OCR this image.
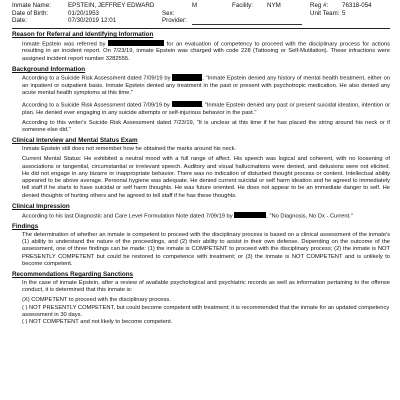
Inmate Name:	EPSTEIN, JEFFREY EDWARD	M	Facility: NYM	Reg #: 76318-054
Date of Birth:	01/20/1953	Sex:	Unit Team: 5
Date:	07/30/2019 12:01	Provider:
Reason for Referral and Identifying Information

Inmate Epstein was referred by	for an evaluation of competency to proceed with the disciplinary process for actions resulting in an incident report. On 7/23/19, inmate Epstein was charged with code 228 (Tattooing or Self-Mutilation). These infractions were assigned incident report number 3282555.

Background Information

According to a Suicide Risk Assessment dated 7/09/19 by	, "Inmate Epstein denied any history of mental health treatment, either on an inpatient or outpatient basis. Inmate Epstein denied any treatment in the past or present with psychotropic medication. He also denied any acute mental health symptoms at this time."

According to a Suicide Risk Assessment dated 7/09/19 by	, "Inmate Epstein denied any past or present suicidal ideation, intention or plan. He denied ever engaging in any suicide attempts or self-injurious behavior in the past."

According to this writer's Suicide Risk Assessment dated 7/23/19, "It is unclear at this time if he has placed the string around his neck or if someone else did."

Clinical Interview and Mental Status Exam

Inmate Epstein still does not remember how he obtained the marks around his neck.

Current Mental Status: He exhibited a neutral mood with a full range of affect. His speech was logical and coherent, with no loosening of associations or tangential, circumstantial or irrelevant speech. Auditory and visual hallucinations were denied, and delusions were not elicited. He did not engage in any bizarre or inappropriate behavior. There was no indication of disturbed thought process or content. Intellectual ability appeared to be above average. Personal hygiene was adequate. He denied current suicidal or self harm ideation and he agreed to immediately tell staff if he starts to have suicidal or self harm thoughts. He was future oriented. He does not appear to be an immediate danger to self. He denied thoughts of hurting others and he agreed to tell staff if he has these thoughts.

Clinical Impression

According to his last Diagnostic and Care Level Formulation Note dated 7/09/19 by	, "No Diagnosis, No Dx - Current."

Findings

The determination of whether an inmate is competent to proceed with the disciplinary process is based on a clinical assessment of the inmate's (1) ability to understand the nature of the proceedings, and (2) their ability to assist in their own defense. Depending on the outcome of the assessment, one of three findings can be made: (1) the inmate is COMPETENT to proceed with the disciplinary process; (2) the inmate is NOT PRESENTLY COMPETENT but could be restored to competence with treatment; or (3) the inmate is NOT COMPETENT and is unlikely to become competent.

Recommendations Regarding Sanctions

In the case of inmate Epstein, after a review of available psychological and psychiatric records as well as information pertaining to the offense conduct, it is determined that this inmate is:

(X) COMPETENT to proceed with the disciplinary process.
( ) NOT PRESENTLY COMPETENT, but could become competent with treatment; it is recommended that the inmate for an updated competency assessment in 30 days.
( ) NOT COMPETENT and not likely to become competent.
